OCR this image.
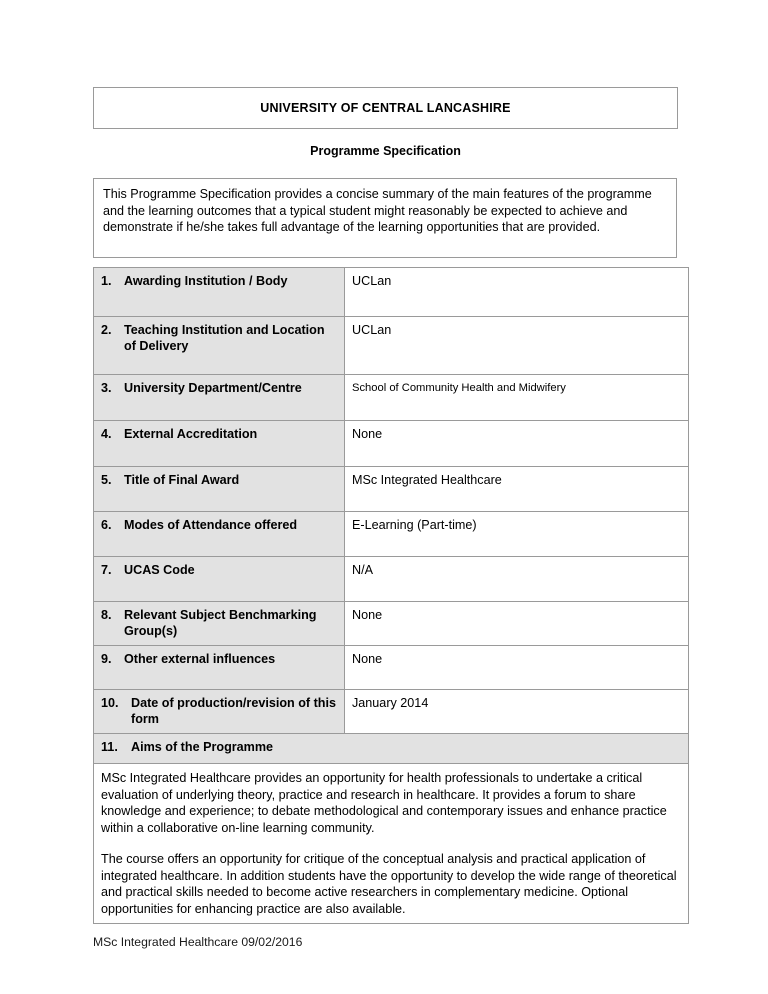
UNIVERSITY OF CENTRAL LANCASHIRE
Programme Specification

This Programme Specification provides a concise summary of the main features of the programme and the learning outcomes that a typical student might reasonably be expected to achieve and demonstrate if he/she takes full advantage of the learning opportunities that are provided.

1. Awarding Institution / Body	UCLan

2. Teaching Institution and Location of Delivery	UCLan

3. University Department/Centre	School of Community Health and Midwifery

4. External Accreditation	None

5. Title of Final Award	MSc Integrated Healthcare

6. Modes of Attendance offered	E-Learning (Part-time)

7. UCAS Code	N/A

8. Relevant Subject Benchmarking Group(s)	None

9. Other external influences	None

10. Date of production/revision of this form	January 2014

11. Aims of the Programme	

MSc Integrated Healthcare provides an opportunity for health professionals to undertake a critical evaluation of underlying theory, practice and research in healthcare. It provides a forum to share knowledge and experience; to debate methodological and contemporary issues and enhance practice within a collaborative on-line learning community.

The course offers an opportunity for critique of the conceptual analysis and practical application of integrated healthcare. In addition students have the opportunity to develop the wide range of theoretical and practical skills needed to become active researchers in complementary medicine. Optional opportunities for enhancing practice are also available.	

MSc Integrated Healthcare 09/02/2016
